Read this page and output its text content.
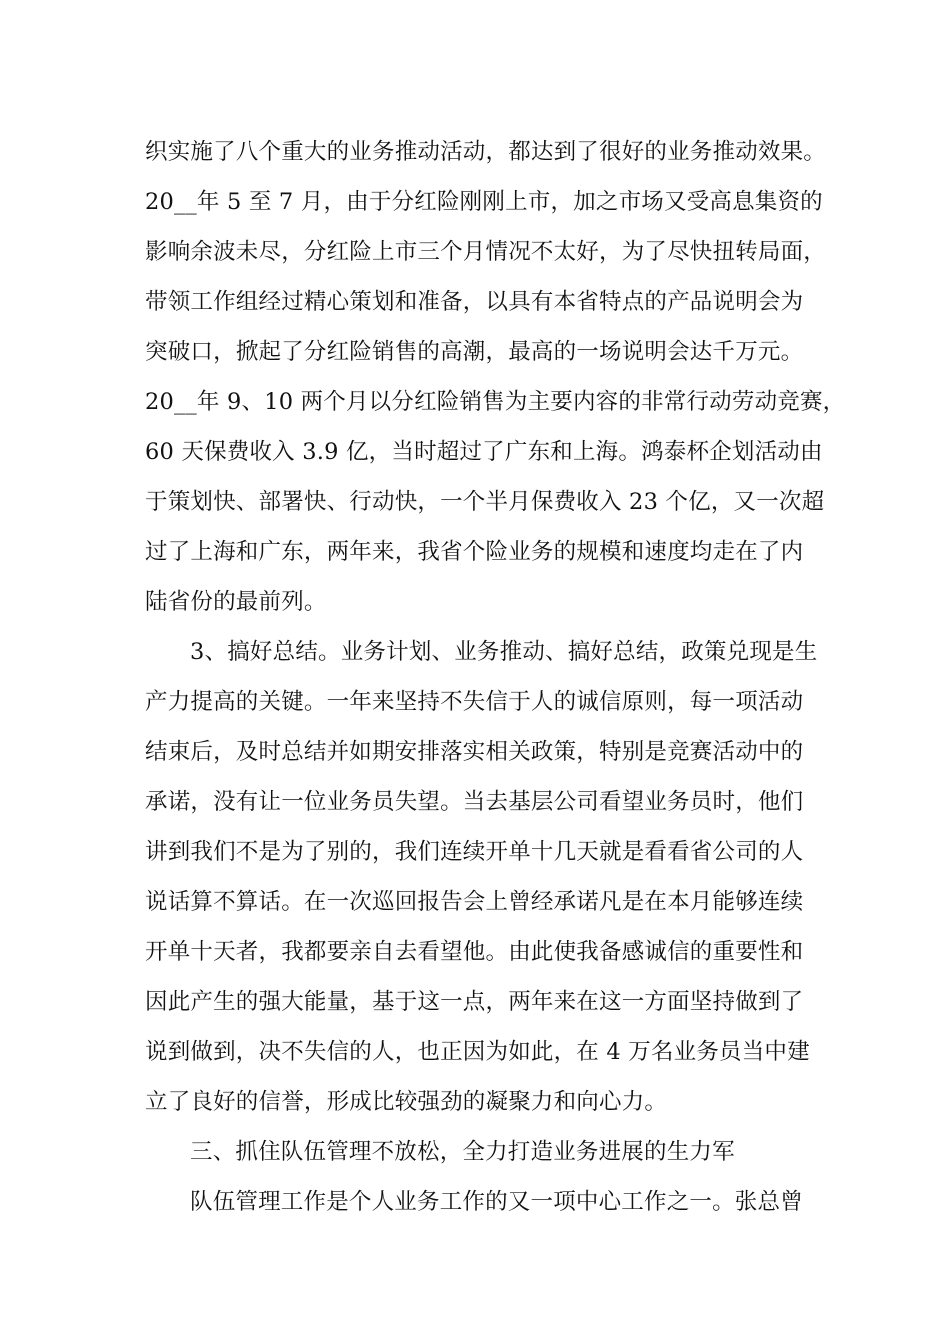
织实施了八个重大的业务推动活动，都达到了很好的业务推动效果。
20__年 5 至 7 月，由于分红险刚刚上市，加之市场又受高息集资的
影响余波未尽，分红险上市三个月情况不太好，为了尽快扭转局面，
带领工作组经过精心策划和准备，以具有本省特点的产品说明会为
突破口，掀起了分红险销售的高潮，最高的一场说明会达千万元。
20__年 9、10 两个月以分红险销售为主要内容的非常行动劳动竞赛，
60 天保费收入 3.9 亿，当时超过了广东和上海。鸿泰杯企划活动由
于策划快、部署快、行动快，一个半月保费收入 23 个亿，又一次超
过了上海和广东，两年来，我省个险业务的规模和速度均走在了内
陆省份的最前列。
3、搞好总结。业务计划、业务推动、搞好总结，政策兑现是生
产力提高的关键。一年来坚持不失信于人的诚信原则，每一项活动
结束后，及时总结并如期安排落实相关政策，特别是竞赛活动中的
承诺，没有让一位业务员失望。当去基层公司看望业务员时，他们
讲到我们不是为了别的，我们连续开单十几天就是看看省公司的人
说话算不算话。在一次巡回报告会上曾经承诺凡是在本月能够连续
开单十天者，我都要亲自去看望他。由此使我备感诚信的重要性和
因此产生的强大能量，基于这一点，两年来在这一方面坚持做到了
说到做到，决不失信的人，也正因为如此，在 4 万名业务员当中建
立了良好的信誉，形成比较强劲的凝聚力和向心力。
三、抓住队伍管理不放松，全力打造业务进展的生力军
队伍管理工作是个人业务工作的又一项中心工作之一。张总曾
